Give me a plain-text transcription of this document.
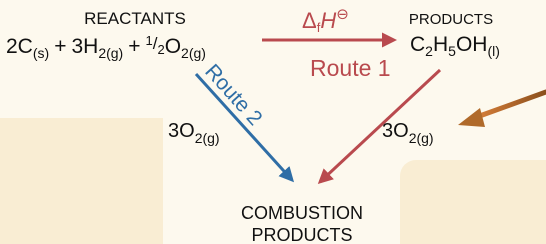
REACTANTS
$2C_{(s)} + 3H_2(g) + ^1/_2O_2(g)$
PRODUCTS
$C_2H_5OH_{(l)}$
ΔfH⊖
Route 1
Route 2
$3O_2(g)$	$3O_2(g)$
COMBUSTION
PRODUCTS
